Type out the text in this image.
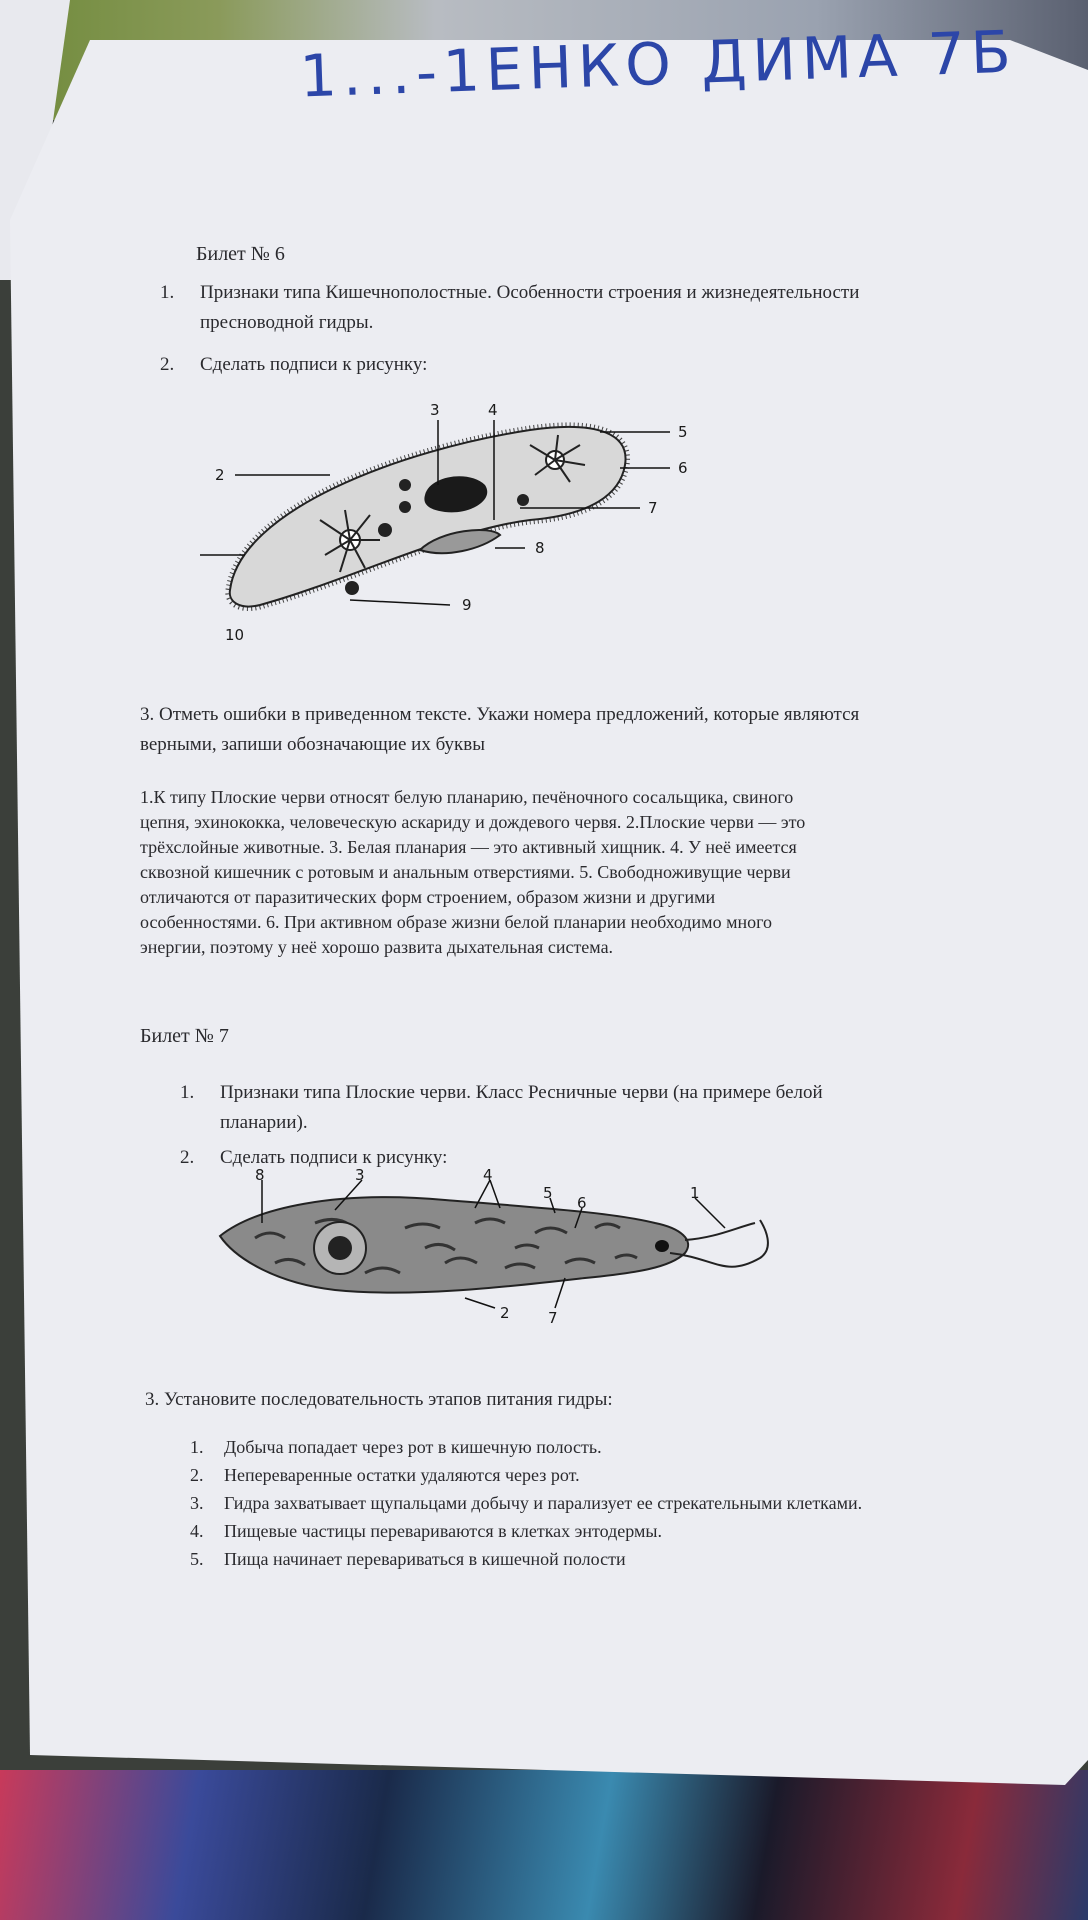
1...-1ЕНКО ДИМА 7Б
Билет № 6
1. Признаки типа Кишечнополостные. Особенности строения и жизнедеятельности
пресноводной гидры.
2. Сделать подписи к рисунку:
2
3	4
5
6
7
8
9
10
3. Отметь ошибки в приведенном тексте. Укажи номера предложений, которые являются
верными, запиши обозначающие их буквы
1.К типу Плоские черви относят белую планарию, печёночного сосальщика, свиного
цепня, эхинококка, человеческую аскариду и дождевого червя. 2.Плоские черви — это
трёхслойные животные. 3. Белая планария — это активный хищник. 4. У неё имеется
сквозной кишечник с ротовым и анальным отверстиями. 5. Свободноживущие черви
отличаются от паразитических форм строением, образом жизни и другими
особенностями. 6. При активном образе жизни белой планарии необходимо много
энергии, поэтому у неё хорошо развита дыхательная система.
Билет № 7
1. Признаки типа Плоские черви. Класс Ресничные черви (на примере белой
планарии).
2. Сделать подписи к рисунку:
8	3	4
5
6
1
2	7
3. Установите последовательность этапов питания гидры:
1. Добыча попадает через рот в кишечную полость.
2. Непереваренные остатки удаляются через рот.
3. Гидра захватывает щупальцами добычу и парализует ее стрекательными клетками.
4. Пищевые частицы перевариваются в клетках энтодермы.
5. Пища начинает перевариваться в кишечной полости
